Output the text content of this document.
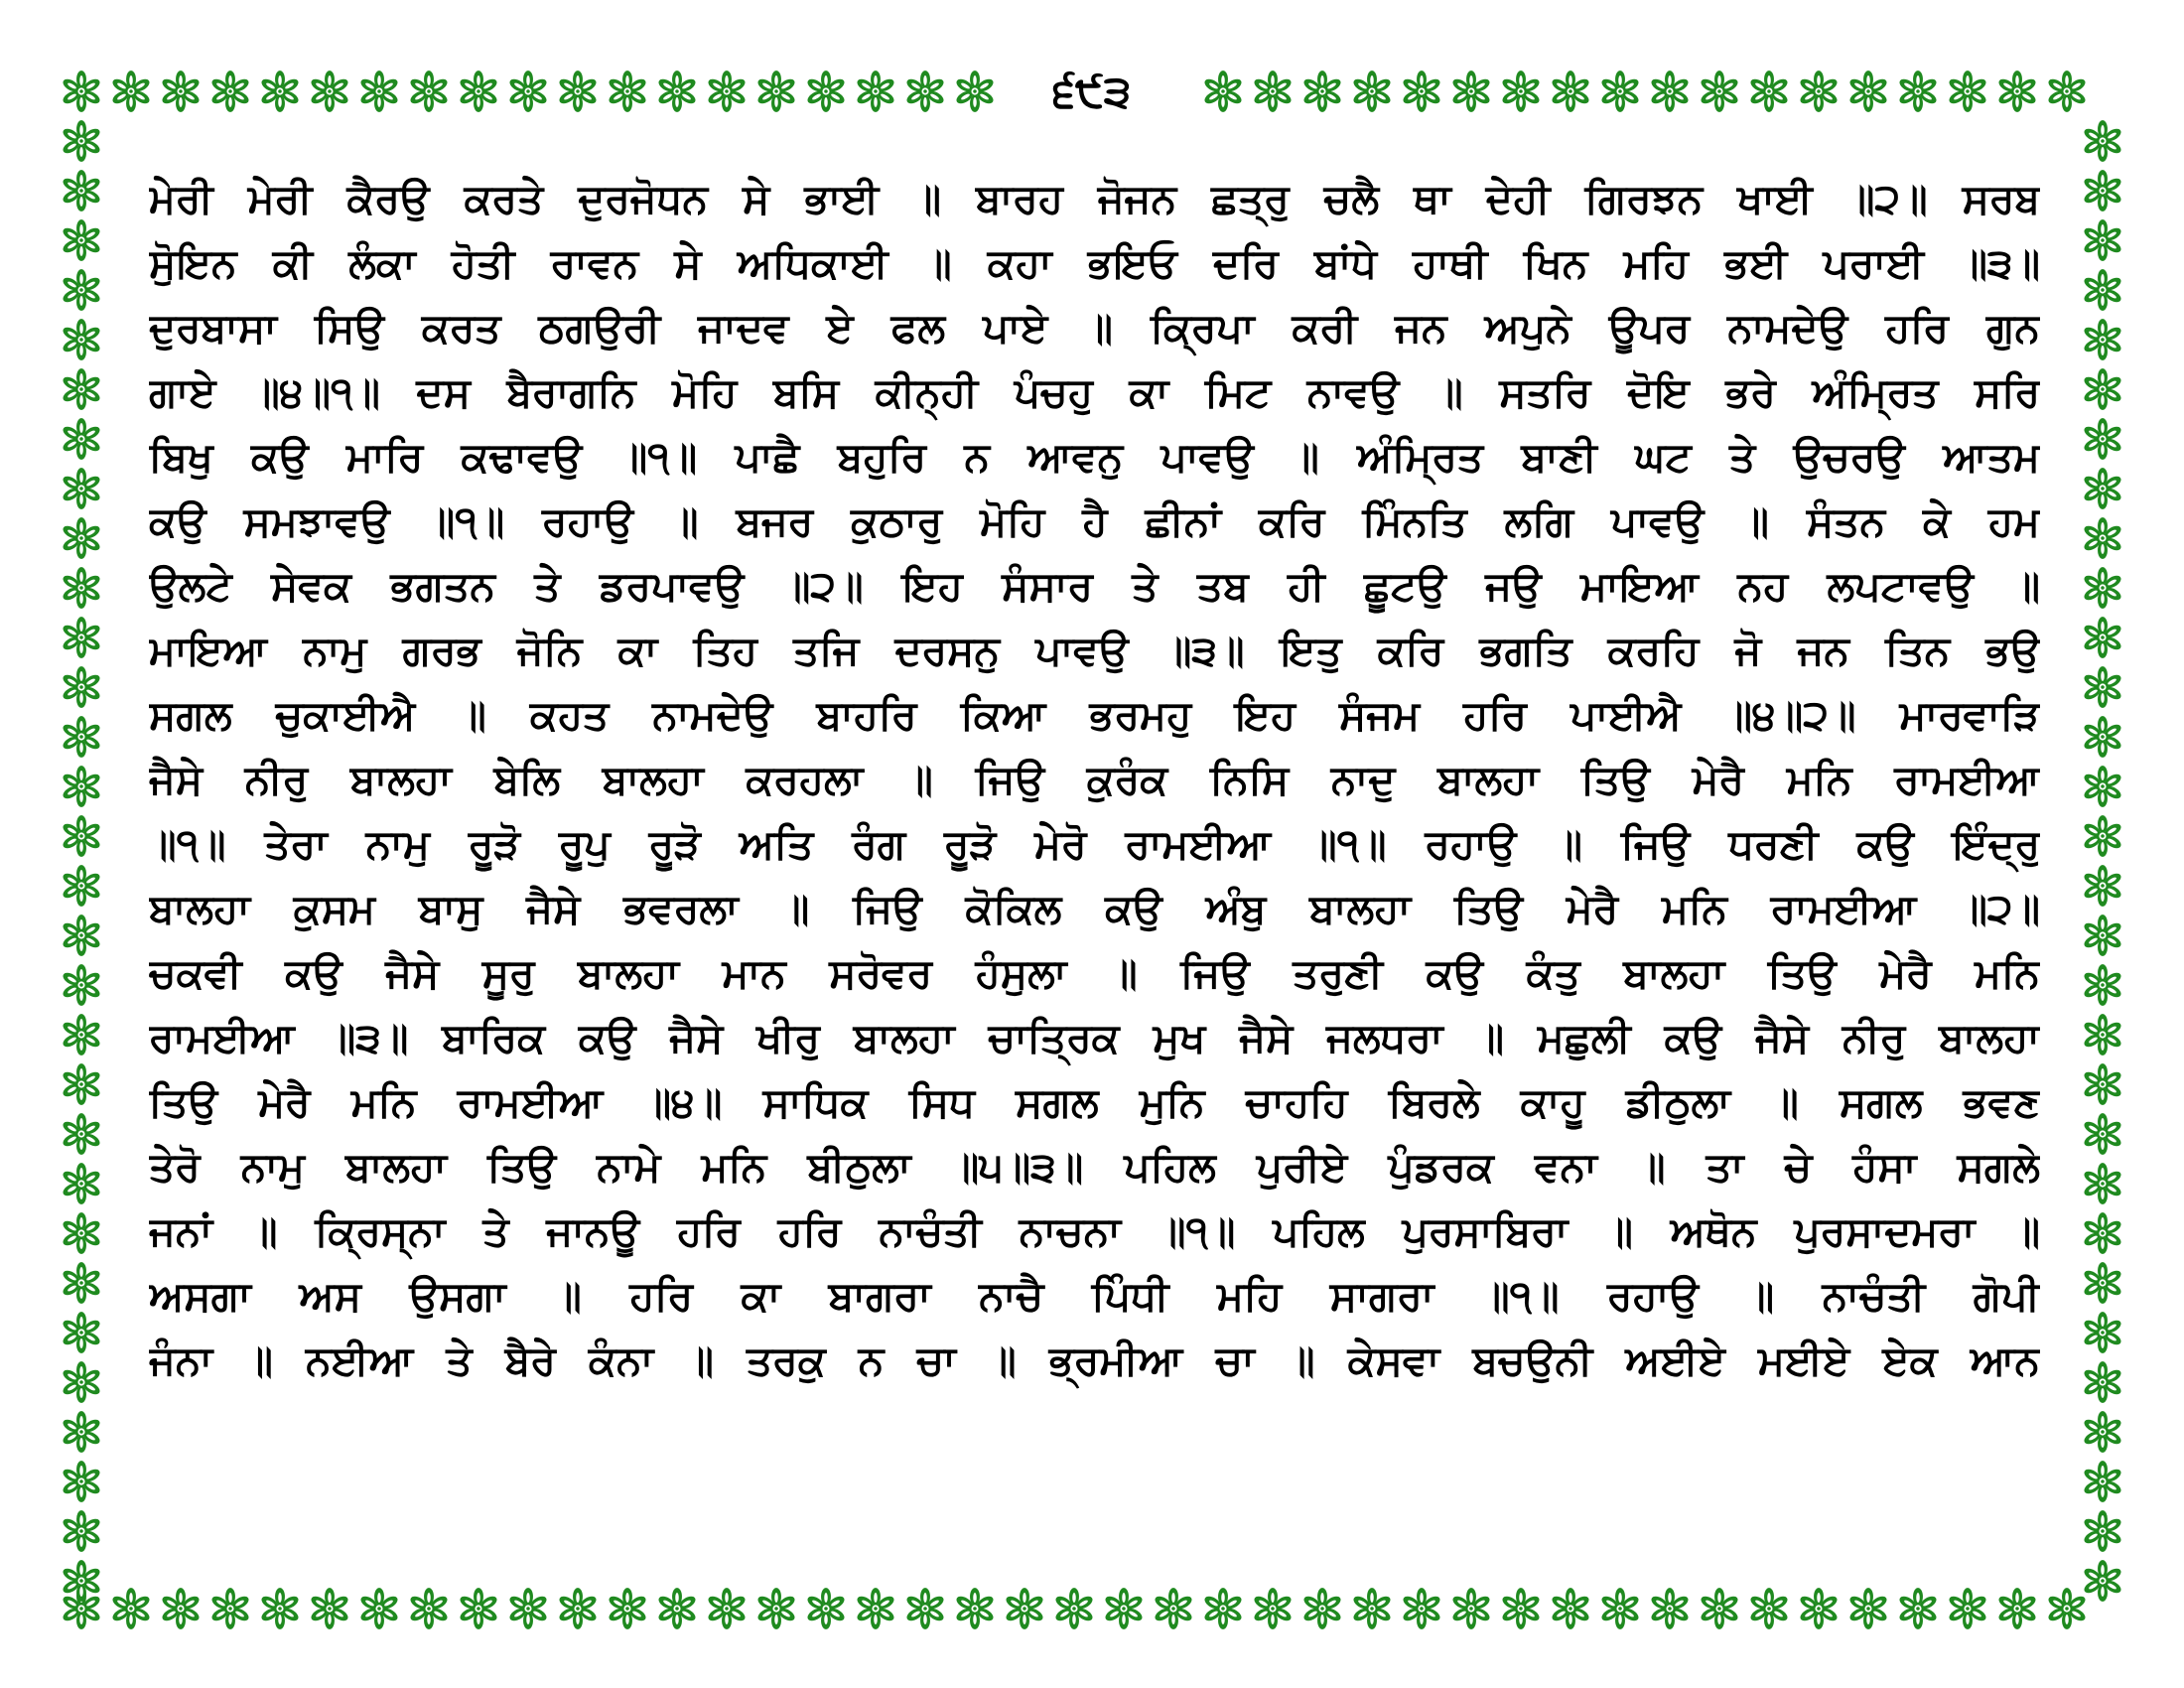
੬੯੩
ਮੇਰੀ ਮੇਰੀ ਕੈਰਉ ਕਰਤੇ ਦੁਰਜੋਧਨ ਸੇ ਭਾਈ ॥ ਬਾਰਹ ਜੋਜਨ ਛਤ੍ਰੁ ਚਲੈ ਥਾ ਦੇਹੀ ਗਿਰਝਨ ਖਾਈ ॥੨॥ ਸਰਬ
ਸੋੁਇਨ ਕੀ ਲੰਕਾ ਹੋਤੀ ਰਾਵਨ ਸੇ ਅਧਿਕਾਈ ॥ ਕਹਾ ਭਇਓ ਦਰਿ ਬਾਂਧੇ ਹਾਥੀ ਖਿਨ ਮਹਿ ਭਈ ਪਰਾਈ ॥੩॥
ਦੁਰਬਾਸਾ ਸਿਉ ਕਰਤ ਠਗਉਰੀ ਜਾਦਵ ਏ ਫਲ ਪਾਏ ॥ ਕ੍ਰਿਪਾ ਕਰੀ ਜਨ ਅਪੁਨੇ ਊਪਰ ਨਾਮਦੇਉ ਹਰਿ ਗੁਨ
ਗਾਏ ॥੪॥੧॥ ਦਸ ਬੈਰਾਗਨਿ ਮੋਹਿ ਬਸਿ ਕੀਨ੍ਹੀ ਪੰਚਹੁ ਕਾ ਮਿਟ ਨਾਵਉ ॥ ਸਤਰਿ ਦੋਇ ਭਰੇ ਅੰਮ੍ਰਿਤ ਸਰਿ
ਬਿਖੁ ਕਉ ਮਾਰਿ ਕਢਾਵਉ ॥੧॥ ਪਾਛੈ ਬਹੁਰਿ ਨ ਆਵਨੁ ਪਾਵਉ ॥ ਅੰਮ੍ਰਿਤ ਬਾਣੀ ਘਟ ਤੇ ਉਚਰਉ ਆਤਮ
ਕਉ ਸਮਝਾਵਉ ॥੧॥ ਰਹਾਉ ॥ ਬਜਰ ਕੁਠਾਰੁ ਮੋਹਿ ਹੈ ਛੀਨਾਂ ਕਰਿ ਮਿੰਨਤਿ ਲਗਿ ਪਾਵਉ ॥ ਸੰਤਨ ਕੇ ਹਮ
ਉਲਟੇ ਸੇਵਕ ਭਗਤਨ ਤੇ ਡਰਪਾਵਉ ॥੨॥ ਇਹ ਸੰਸਾਰ ਤੇ ਤਬ ਹੀ ਛੂਟਉ ਜਉ ਮਾਇਆ ਨਹ ਲਪਟਾਵਉ ॥
ਮਾਇਆ ਨਾਮੁ ਗਰਭ ਜੋਨਿ ਕਾ ਤਿਹ ਤਜਿ ਦਰਸਨੁ ਪਾਵਉ ॥੩॥ ਇਤੁ ਕਰਿ ਭਗਤਿ ਕਰਹਿ ਜੋ ਜਨ ਤਿਨ ਭਉ
ਸਗਲ ਚੁਕਾਈਐ ॥ ਕਹਤ ਨਾਮਦੇਉ ਬਾਹਰਿ ਕਿਆ ਭਰਮਹੁ ਇਹ ਸੰਜਮ ਹਰਿ ਪਾਈਐ ॥੪॥੨॥ ਮਾਰਵਾੜਿ
ਜੈਸੇ ਨੀਰੁ ਬਾਲਹਾ ਬੇਲਿ ਬਾਲਹਾ ਕਰਹਲਾ ॥ ਜਿਉ ਕੁਰੰਕ ਨਿਸਿ ਨਾਦੁ ਬਾਲਹਾ ਤਿਉ ਮੇਰੈ ਮਨਿ ਰਾਮਈਆ
॥੧॥ ਤੇਰਾ ਨਾਮੁ ਰੂੜੋ ਰੂਪੁ ਰੂੜੋ ਅਤਿ ਰੰਗ ਰੂੜੋ ਮੇਰੋ ਰਾਮਈਆ ॥੧॥ ਰਹਾਉ ॥ ਜਿਉ ਧਰਣੀ ਕਉ ਇੰਦ੍ਰੁ
ਬਾਲਹਾ ਕੁਸਮ ਬਾਸੁ ਜੈਸੇ ਭਵਰਲਾ ॥ ਜਿਉ ਕੋਕਿਲ ਕਉ ਅੰਬੁ ਬਾਲਹਾ ਤਿਉ ਮੇਰੈ ਮਨਿ ਰਾਮਈਆ ॥੨॥
ਚਕਵੀ ਕਉ ਜੈਸੇ ਸੂਰੁ ਬਾਲਹਾ ਮਾਨ ਸਰੋਵਰ ਹੰਸੁਲਾ ॥ ਜਿਉ ਤਰੁਣੀ ਕਉ ਕੰਤੁ ਬਾਲਹਾ ਤਿਉ ਮੇਰੈ ਮਨਿ
ਰਾਮਈਆ ॥੩॥ ਬਾਰਿਕ ਕਉ ਜੈਸੇ ਖੀਰੁ ਬਾਲਹਾ ਚਾਤ੍ਰਿਕ ਮੁਖ ਜੈਸੇ ਜਲਧਰਾ ॥ ਮਛੁਲੀ ਕਉ ਜੈਸੇ ਨੀਰੁ ਬਾਲਹਾ
ਤਿਉ ਮੇਰੈ ਮਨਿ ਰਾਮਈਆ ॥੪॥ ਸਾਧਿਕ ਸਿਧ ਸਗਲ ਮੁਨਿ ਚਾਹਹਿ ਬਿਰਲੇ ਕਾਹੂ ਡੀਠੁਲਾ ॥ ਸਗਲ ਭਵਣ
ਤੇਰੋ ਨਾਮੁ ਬਾਲਹਾ ਤਿਉ ਨਾਮੇ ਮਨਿ ਬੀਠੁਲਾ ॥੫॥੩॥ ਪਹਿਲ ਪੁਰੀਏ ਪੁੰਡਰਕ ਵਨਾ ॥ ਤਾ ਚੇ ਹੰਸਾ ਸਗਲੇ
ਜਨਾਂ ॥ ਕ੍ਰਿਸ੍ਨਾ ਤੇ ਜਾਨਊ ਹਰਿ ਹਰਿ ਨਾਚੰਤੀ ਨਾਚਨਾ ॥੧॥ ਪਹਿਲ ਪੁਰਸਾਬਿਰਾ ॥ ਅਥੋਨ ਪੁਰਸਾਦਮਰਾ ॥
ਅਸਗਾ ਅਸ ਉਸਗਾ ॥ ਹਰਿ ਕਾ ਬਾਗਰਾ ਨਾਚੈ ਪਿੰਧੀ ਮਹਿ ਸਾਗਰਾ ॥੧॥ ਰਹਾਉ ॥ ਨਾਚੰਤੀ ਗੋਪੀ
ਜੰਨਾ ॥ ਨਈਆ ਤੇ ਬੈਰੇ ਕੰਨਾ ॥ ਤਰਕੁ ਨ ਚਾ ॥ ਭ੍ਰਮੀਆ ਚਾ ॥ ਕੇਸਵਾ ਬਚਉਨੀ ਅਈਏ ਮਈਏ ਏਕ ਆਨ
